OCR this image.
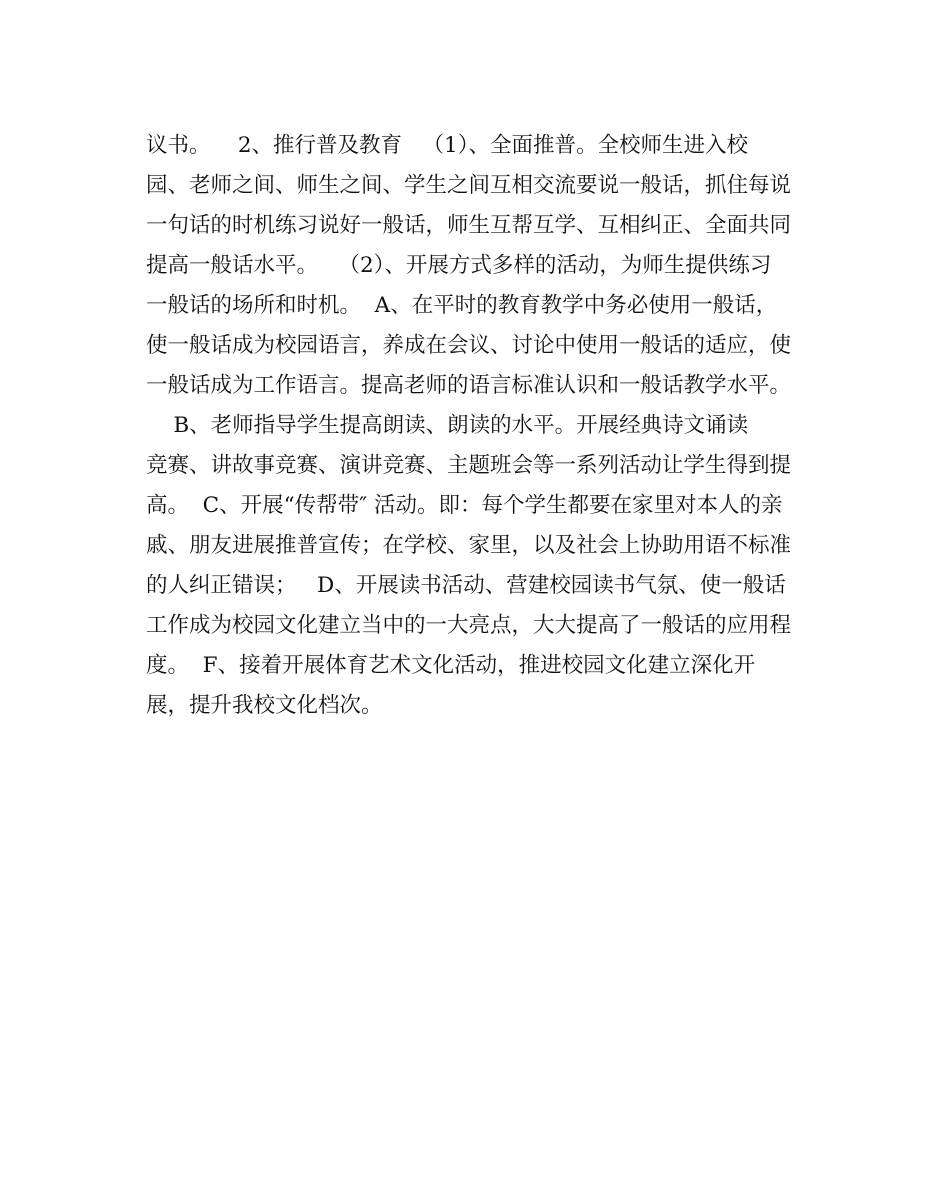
议书。    2、推行普及教育   （1）、全面推普。全校师生进入校
园、老师之间、师生之间、学生之间互相交流要说一般话，抓住每说
一句话的时机练习说好一般话，师生互帮互学、互相纠正、全面共同
提高一般话水平。   （2）、开展方式多样的活动，为师生提供练习
一般话的场所和时机。  A、在平时的教育教学中务必使用一般话，
使一般话成为校园语言，养成在会议、讨论中使用一般话的适应，使
一般话成为工作语言。提高老师的语言标准认识和一般话教学水平。
B、老师指导学生提高朗读、朗读的水平。开展经典诗文诵读
竞赛、讲故事竞赛、演讲竞赛、主题班会等一系列活动让学生得到提
高。  C、开展“传帮带″ 活动。即：每个学生都要在家里对本人的亲
戚、朋友进展推普宣传；在学校、家里，以及社会上协助用语不标准
的人纠正错误；   D、开展读书活动、营建校园读书气氛、使一般话
工作成为校园文化建立当中的一大亮点，大大提高了一般话的应用程
度。  F、接着开展体育艺术文化活动，推进校园文化建立深化开
展，提升我校文化档次。
